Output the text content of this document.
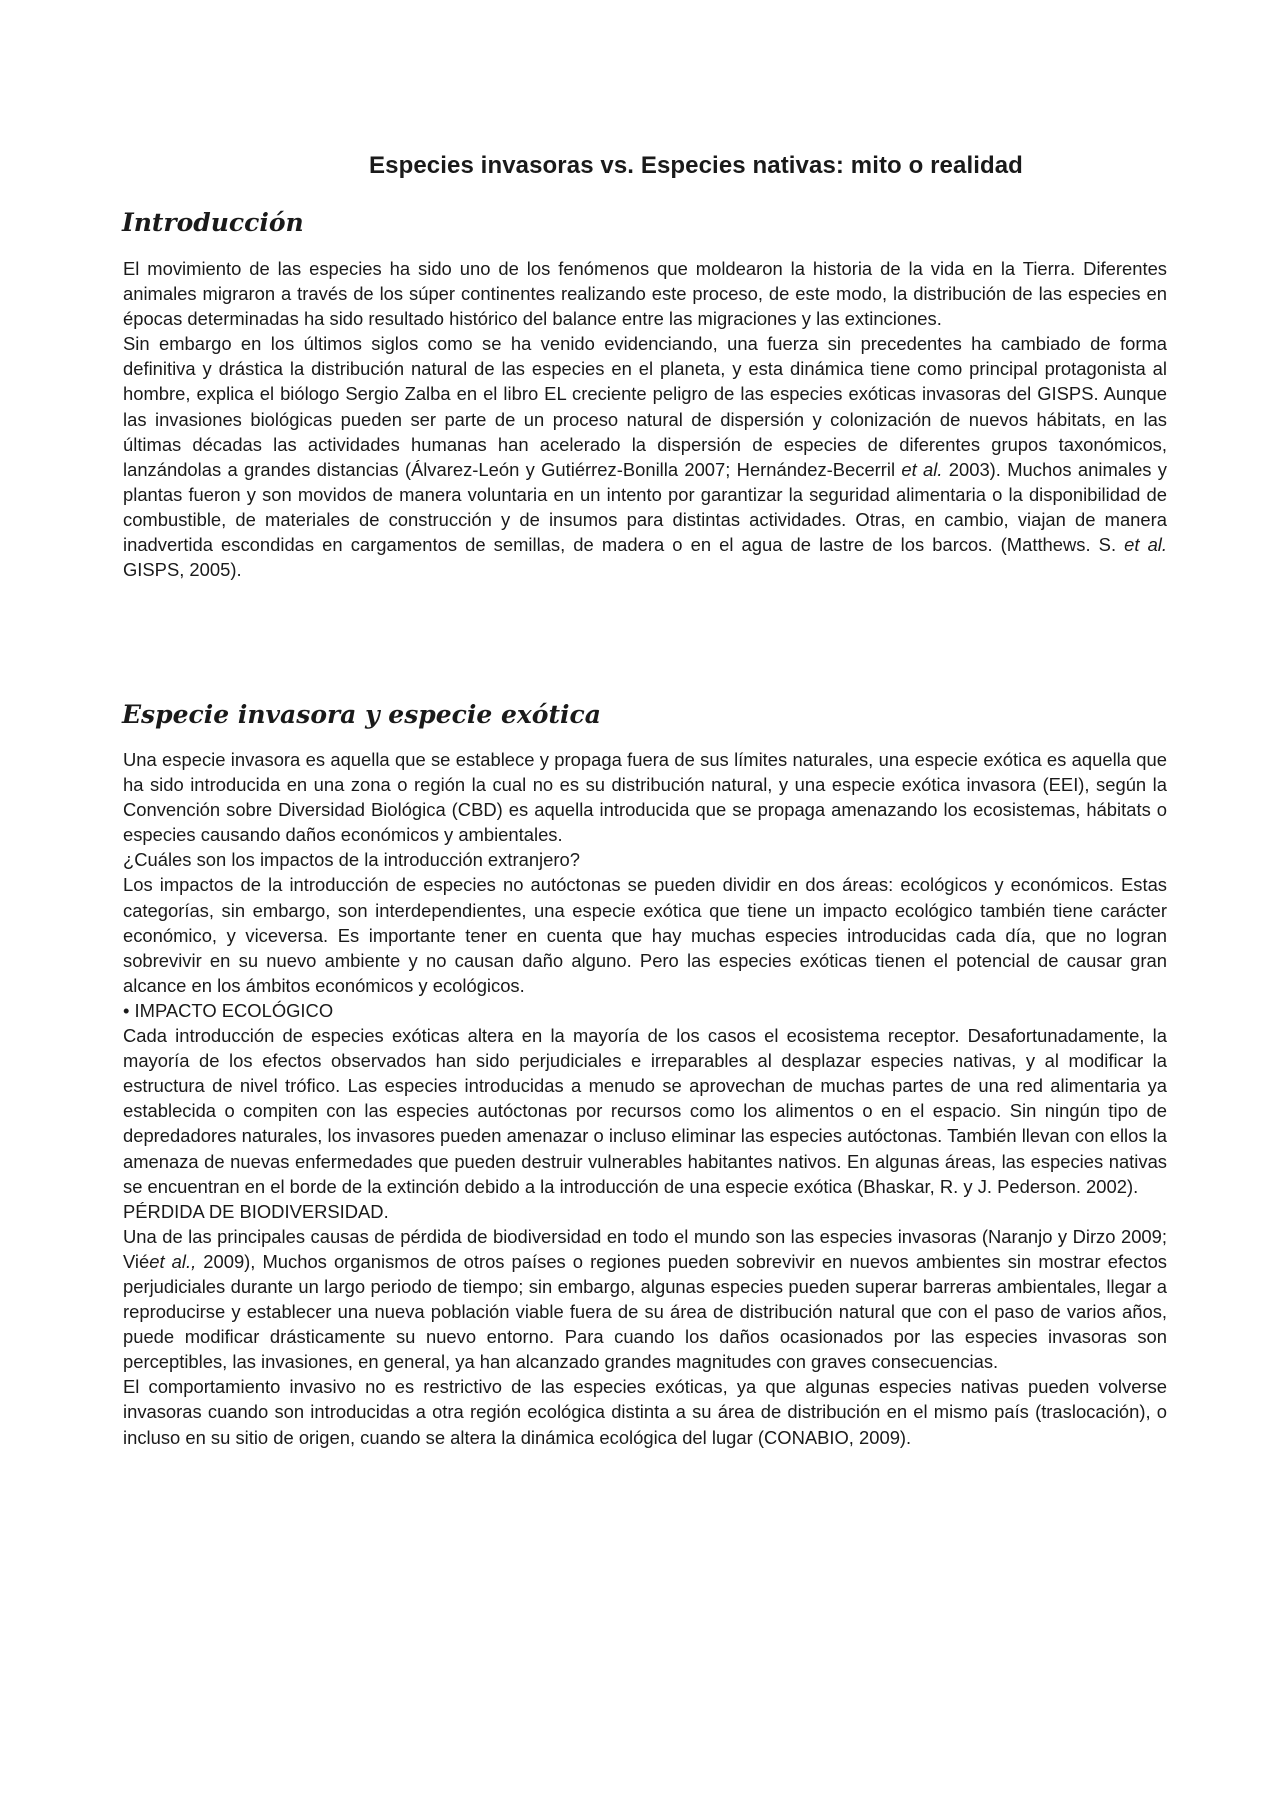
Especies invasoras vs. Especies nativas: mito o realidad
Introducción

El movimiento de las especies ha sido uno de los fenómenos que moldearon la historia de la vida en la Tierra. Diferentes animales migraron a través de los súper continentes realizando este proceso, de este modo, la distribución de las especies en épocas determinadas ha sido resultado histórico del balance entre las migraciones y las extinciones.

Sin embargo en los últimos siglos como se ha venido evidenciando, una fuerza sin precedentes ha cambiado de forma definitiva y drástica la distribución natural de las especies en el planeta, y esta dinámica tiene como principal protagonista al hombre, explica el biólogo Sergio Zalba en el libro EL creciente peligro de las especies exóticas invasoras del GISPS. Aunque las invasiones biológicas pueden ser parte de un proceso natural de dispersión y colonización de nuevos hábitats, en las últimas décadas las actividades humanas han acelerado la dispersión de especies de diferentes grupos taxonómicos, lanzándolas a grandes distancias (Álvarez-León y Gutiérrez-Bonilla 2007; Hernández-Becerril et al. 2003). Muchos animales y plantas fueron y son movidos de manera voluntaria en un intento por garantizar la seguridad alimentaria o la disponibilidad de combustible, de materiales de construcción y de insumos para distintas actividades. Otras, en cambio, viajan de manera inadvertida escondidas en cargamentos de semillas, de madera o en el agua de lastre de los barcos. (Matthews. S. et al. GISPS, 2005).

Especie invasora y especie exótica

Una especie invasora es aquella que se establece y propaga fuera de sus límites naturales, una especie exótica es aquella que ha sido introducida en una zona o región la cual no es su distribución natural, y una especie exótica invasora (EEI), según la Convención sobre Diversidad Biológica (CBD) es aquella introducida que se propaga amenazando los ecosistemas, hábitats o especies causando daños económicos y ambientales.

¿Cuáles son los impactos de la introducción extranjero?

Los impactos de la introducción de especies no autóctonas se pueden dividir en dos áreas: ecológicos y económicos. Estas categorías, sin embargo, son interdependientes, una especie exótica que tiene un impacto ecológico también tiene carácter económico, y viceversa. Es importante tener en cuenta que hay muchas especies introducidas cada día, que no logran sobrevivir en su nuevo ambiente y no causan daño alguno. Pero las especies exóticas tienen el potencial de causar gran alcance en los ámbitos económicos y ecológicos.

• IMPACTO ECOLÓGICO

Cada introducción de especies exóticas altera en la mayoría de los casos el ecosistema receptor. Desafortunadamente, la mayoría de los efectos observados han sido perjudiciales e irreparables al desplazar especies nativas, y al modificar la estructura de nivel trófico. Las especies introducidas a menudo se aprovechan de muchas partes de una red alimentaria ya establecida o compiten con las especies autóctonas por recursos como los alimentos o en el espacio. Sin ningún tipo de depredadores naturales, los invasores pueden amenazar o incluso eliminar las especies autóctonas. También llevan con ellos la amenaza de nuevas enfermedades que pueden destruir vulnerables habitantes nativos. En algunas áreas, las especies nativas se encuentran en el borde de la extinción debido a la introducción de una especie exótica (Bhaskar, R. y J. Pederson. 2002).

PÉRDIDA DE BIODIVERSIDAD.

Una de las principales causas de pérdida de biodiversidad en todo el mundo son las especies invasoras (Naranjo y Dirzo 2009; Viéet al., 2009), Muchos organismos de otros países o regiones pueden sobrevivir en nuevos ambientes sin mostrar efectos perjudiciales durante un largo periodo de tiempo; sin embargo, algunas especies pueden superar barreras ambientales, llegar a reproducirse y establecer una nueva población viable fuera de su área de distribución natural que con el paso de varios años, puede modificar drásticamente su nuevo entorno. Para cuando los daños ocasionados por las especies invasoras son perceptibles, las invasiones, en general, ya han alcanzado grandes magnitudes con graves consecuencias.

El comportamiento invasivo no es restrictivo de las especies exóticas, ya que algunas especies nativas pueden volverse invasoras cuando son introducidas a otra región ecológica distinta a su área de distribución en el mismo país (traslocación), o incluso en su sitio de origen, cuando se altera la dinámica ecológica del lugar (CONABIO, 2009).
